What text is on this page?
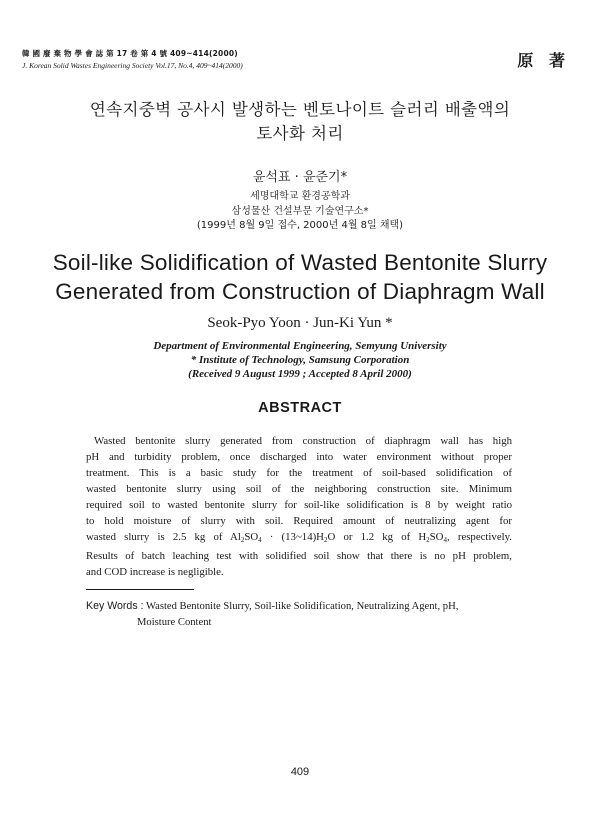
韓 國 廢 棄 物 學 會 誌 第 17 卷 第 4 號 409~414(2000)
J. Korean Solid Wastes Engineering Society Vol.17, No.4, 409~414(2000)	原 著
연속지중벽 공사시 발생하는 벤토나이트 슬러리 배출액의
토사화 처리
윤석표 · 윤준기*
세명대학교 환경공학과
삼성물산 건설부문 기술연구소*
(1999년 8월 9일 접수, 2000년 4월 8일 채택)
Soil-like Solidification of Wasted Bentonite Slurry
Generated from Construction of Diaphragm Wall
Seok-Pyo Yoon · Jun-Ki Yun *
Department of Environmental Engineering, Semyung University
* Institute of Technology, Samsung Corporation
(Received 9 August 1999 ; Accepted 8 April 2000)
ABSTRACT
Wasted bentonite slurry generated from construction of diaphragm wall has high
pH and turbidity problem, once discharged into water environment without proper
treatment. This is a basic study for the treatment of soil-based solidification of
wasted bentonite slurry using soil of the neighboring construction site. Minimum
required soil to wasted bentonite slurry for soil-like solidification is 8 by weight ratio
to hold moisture of slurry with soil. Required amount of neutralizing agent for
wasted slurry is 2.5 kg of $Al_2SO_4$ · $(13\sim 14)H_2O$ or 1.2 kg of $H_2SO_4$, respectively.
Results of batch leaching test with solidified soil show that there is no pH problem,
and COD increase is negligible.
Key Words : Wasted Bentonite Slurry, Soil-like Solidification, Neutralizing Agent, pH,
Moisture Content
409
